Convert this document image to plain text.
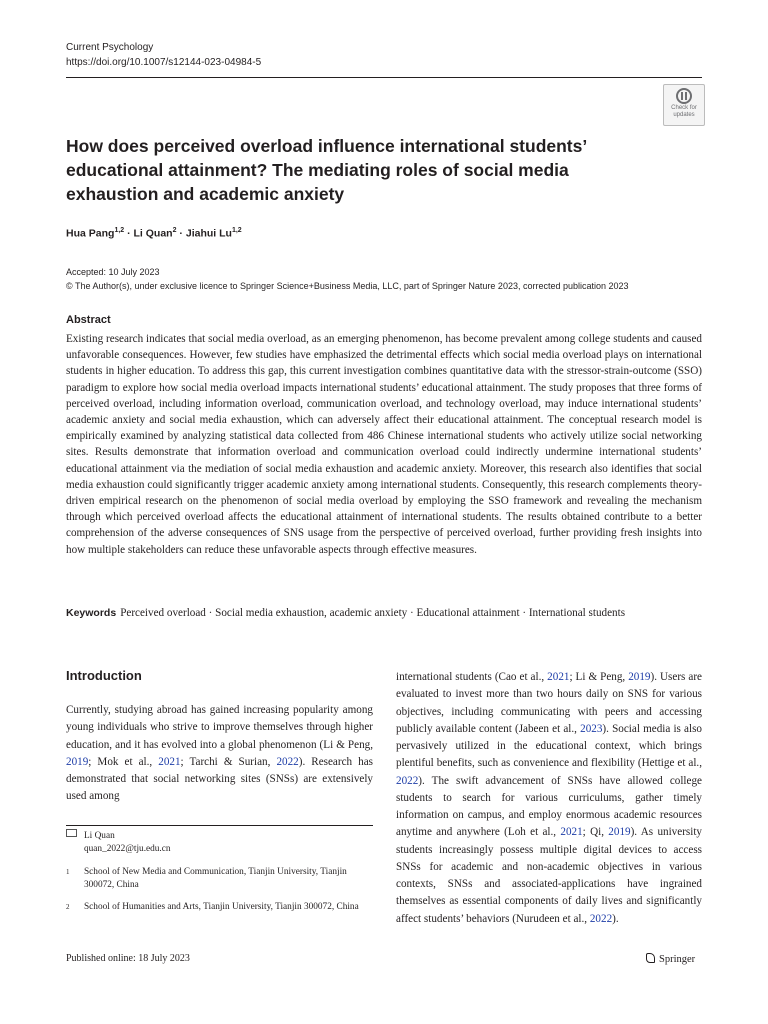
Current Psychology
https://doi.org/10.1007/s12144-023-04984-5
Check for
updates
How does perceived overload influence international students’ educational attainment? The mediating roles of social media exhaustion and academic anxiety
Hua Pang$^{1,2}$ · Li Quan$^2$ · Jiahui Lu$^{1,2}$
Accepted: 10 July 2023
© The Author(s), under exclusive licence to Springer Science+Business Media, LLC, part of Springer Nature 2023, corrected publication 2023
Abstract

Existing research indicates that social media overload, as an emerging phenomenon, has become prevalent among college students and caused unfavorable consequences. However, few studies have emphasized the detrimental effects which social media overload plays on international students in higher education. To address this gap, this current investigation combines quantitative data with the stressor-strain-outcome (SSO) paradigm to explore how social media overload impacts international students’ educational attainment. The study proposes that three forms of perceived overload, including information overload, communication overload, and technology overload, may induce international students’ academic anxiety and social media exhaustion, which can adversely affect their educational attainment. The conceptual research model is empirically examined by analyzing statistical data collected from 486 Chinese international students who actively utilize social networking sites. Results demonstrate that information overload and communication overload could indirectly undermine international students’ educational attainment via the mediation of social media exhaustion and academic anxiety. Moreover, this research also identifies that social media exhaustion could significantly trigger academic anxiety among international students. Consequently, this research complements theory-driven empirical research on the phenomenon of social media overload by employing the SSO framework and revealing the mechanism through which perceived overload affects the educational attainment of international students. The results obtained contribute to a better comprehension of the adverse consequences of SNS usage from the perspective of perceived overload, further providing fresh insights into how multiple stakeholders can reduce these unfavorable aspects through effective measures.

Keywords Perceived overload · Social media exhaustion, academic anxiety · Educational attainment · International students
Introduction

Currently, studying abroad has gained increasing popularity among young individuals who strive to improve themselves through higher education, and it has evolved into a global phenomenon (Li & Peng, 2019; Mok et al., 2021; Tarchi & Surian, 2022). Research has demonstrated that social networking sites (SNSs) are extensively used among

international students (Cao et al., 2021; Li & Peng, 2019). Users are evaluated to invest more than two hours daily on SNS for various objectives, including communicating with peers and accessing publicly available content (Jabeen et al., 2023). Social media is also pervasively utilized in the educational context, which brings plentiful benefits, such as convenience and flexibility (Hettige et al., 2022). The swift advancement of SNSs have allowed college students to search for various curriculums, gather timely information on campus, and employ enormous academic resources anytime and anywhere (Loh et al., 2021; Qi, 2019). As university students increasingly possess multiple digital devices to access SNSs for academic and non-academic objectives in various contexts, SNSs and associated-applications have ingrained themselves as essential components of daily lives and significantly affect students’ behaviors (Nurudeen et al., 2022).

Li Quan
quan_2022@tju.edu.cn
1	School of New Media and Communication, Tianjin University, Tianjin 300072, China
2	School of Humanities and Arts, Tianjin University, Tianjin 300072, China
Published online: 18 July 2023	Springer
